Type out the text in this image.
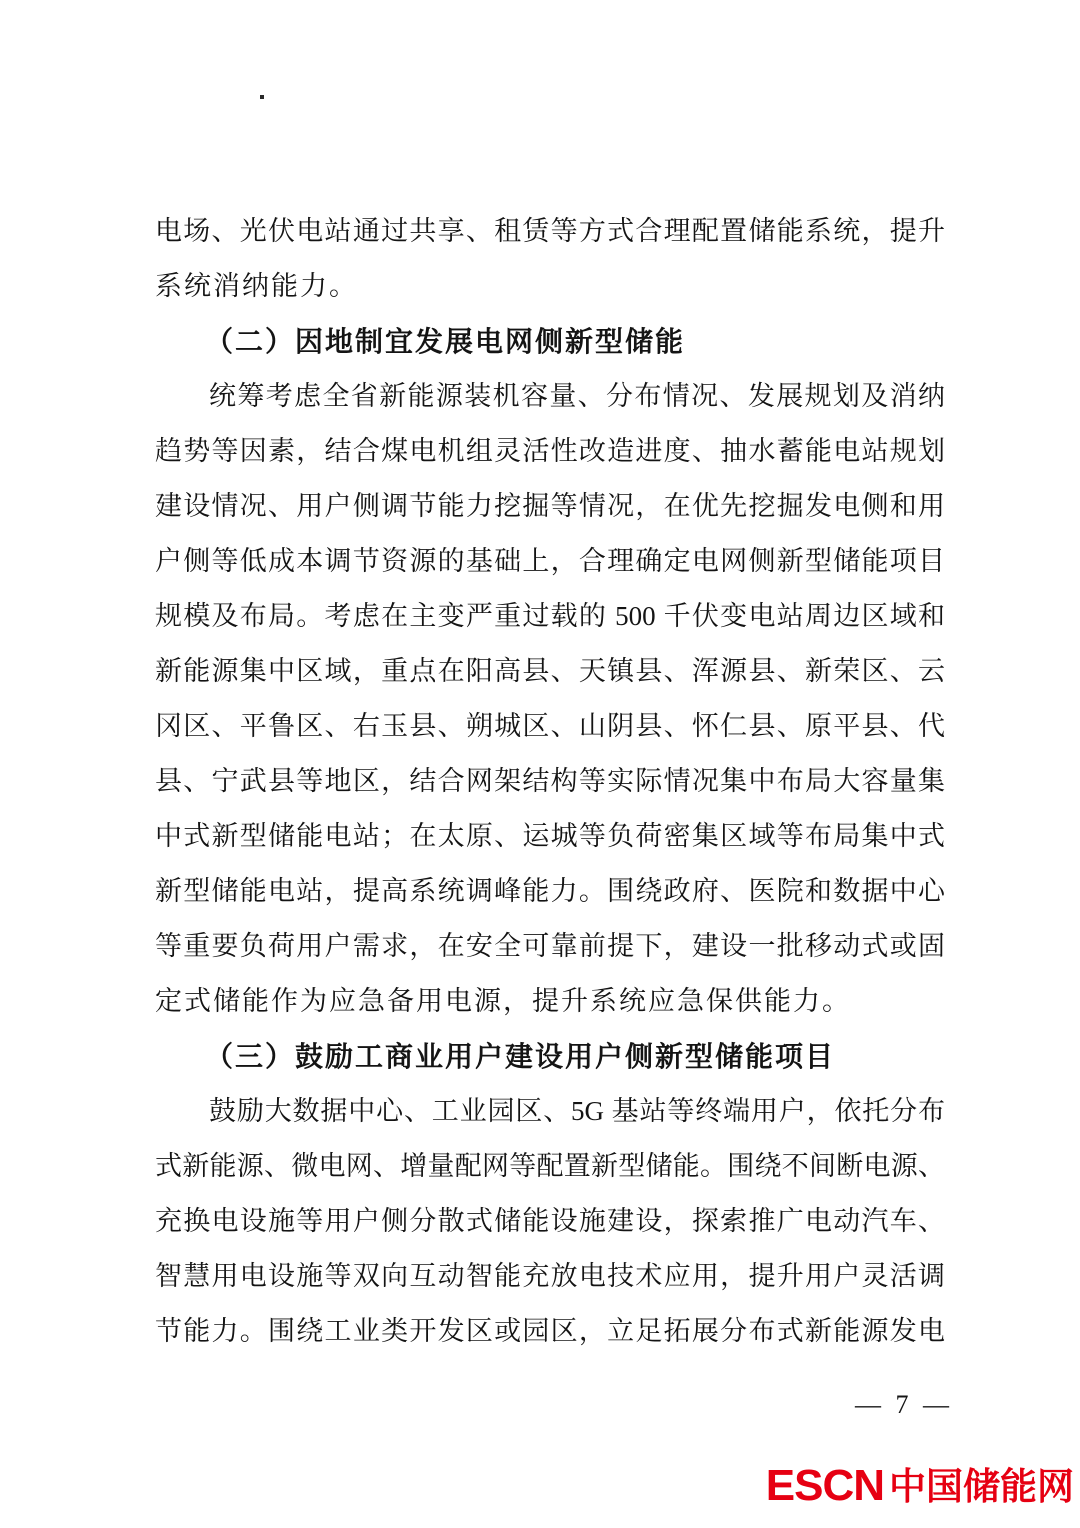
电场、光伏电站通过共享、租赁等方式合理配置储能系统，提升
系统消纳能力。
（二）因地制宜发展电网侧新型储能
统筹考虑全省新能源装机容量、分布情况、发展规划及消纳
趋势等因素，结合煤电机组灵活性改造进度、抽水蓄能电站规划
建设情况、用户侧调节能力挖掘等情况，在优先挖掘发电侧和用
户侧等低成本调节资源的基础上，合理确定电网侧新型储能项目
规模及布局。考虑在主变严重过载的 500 千伏变电站周边区域和
新能源集中区域，重点在阳高县、天镇县、浑源县、新荣区、云
冈区、平鲁区、右玉县、朔城区、山阴县、怀仁县、原平县、代
县、宁武县等地区，结合网架结构等实际情况集中布局大容量集
中式新型储能电站；在太原、运城等负荷密集区域等布局集中式
新型储能电站，提高系统调峰能力。围绕政府、医院和数据中心
等重要负荷用户需求，在安全可靠前提下，建设一批移动式或固
定式储能作为应急备用电源，提升系统应急保供能力。
（三）鼓励工商业用户建设用户侧新型储能项目
鼓励大数据中心、工业园区、5G 基站等终端用户，依托分布
式新能源、微电网、增量配网等配置新型储能。围绕不间断电源、
充换电设施等用户侧分散式储能设施建设，探索推广电动汽车、
智慧用电设施等双向互动智能充放电技术应用，提升用户灵活调
节能力。围绕工业类开发区或园区，立足拓展分布式新能源发电
— 7 —
ESCN 中国储能网
